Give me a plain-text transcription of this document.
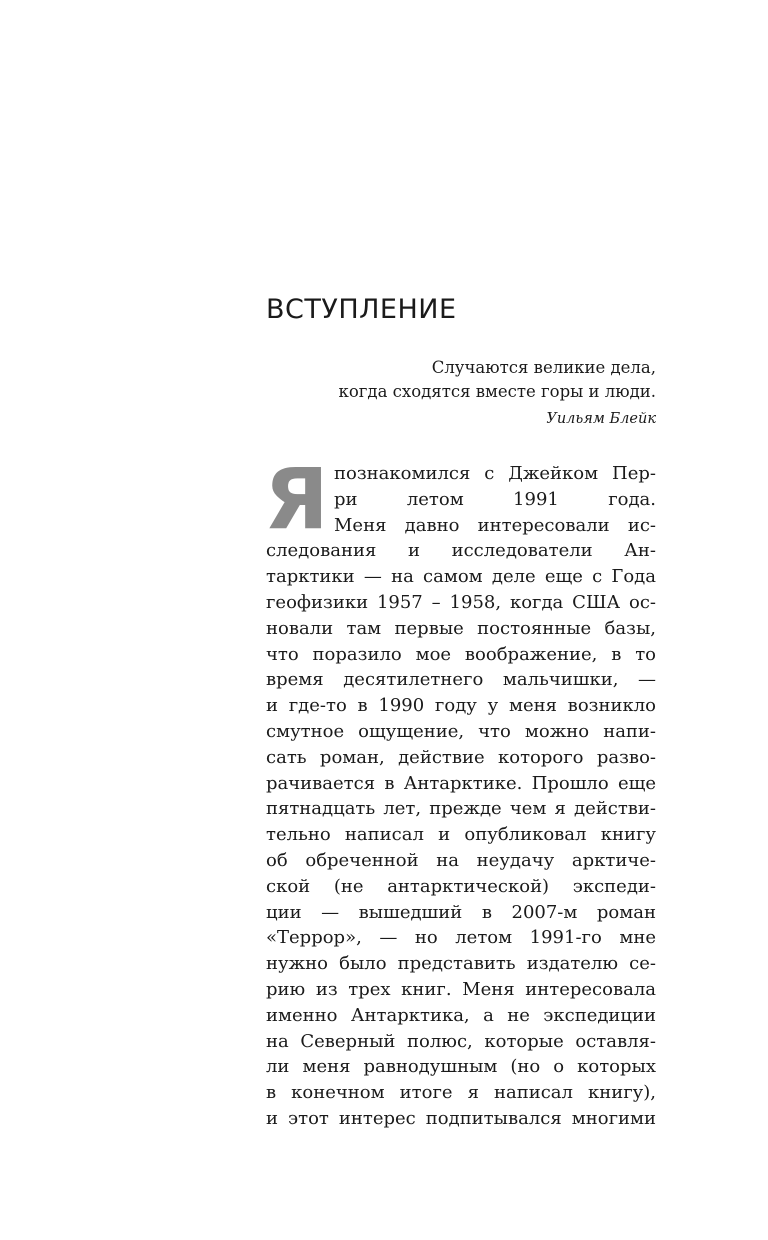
ВСТУПЛЕНИЕ
Случаются великие дела,
когда сходятся вместе горы и люди.
Уильям Блейк
Я познакомился с Джейком Пер-
ри летом 1991 года.
Меня давно интересовали ис-
следования и исследователи Ан-
тарктики — на самом деле еще с Года
геофизики 1957 – 1958, когда США ос-
новали там первые постоянные базы,
что поразило мое воображение, в то
время десятилетнего мальчишки, —
и где-то в 1990 году у меня возникло
смутное ощущение, что можно напи-
сать роман, действие которого разво-
рачивается в Антарктике. Прошло еще
пятнадцать лет, прежде чем я действи-
тельно написал и опубликовал книгу
об обреченной на неудачу арктиче-
ской (не антарктической) экспеди-
ции — вышедший в 2007-м роман
«Террор», — но летом 1991-го мне
нужно было представить издателю се-
рию из трех книг. Меня интересовала
именно Антарктика, а не экспедиции
на Северный полюс, которые оставля-
ли меня равнодушным (но о которых
в конечном итоге я написал книгу),
и этот интерес подпитывался многими
